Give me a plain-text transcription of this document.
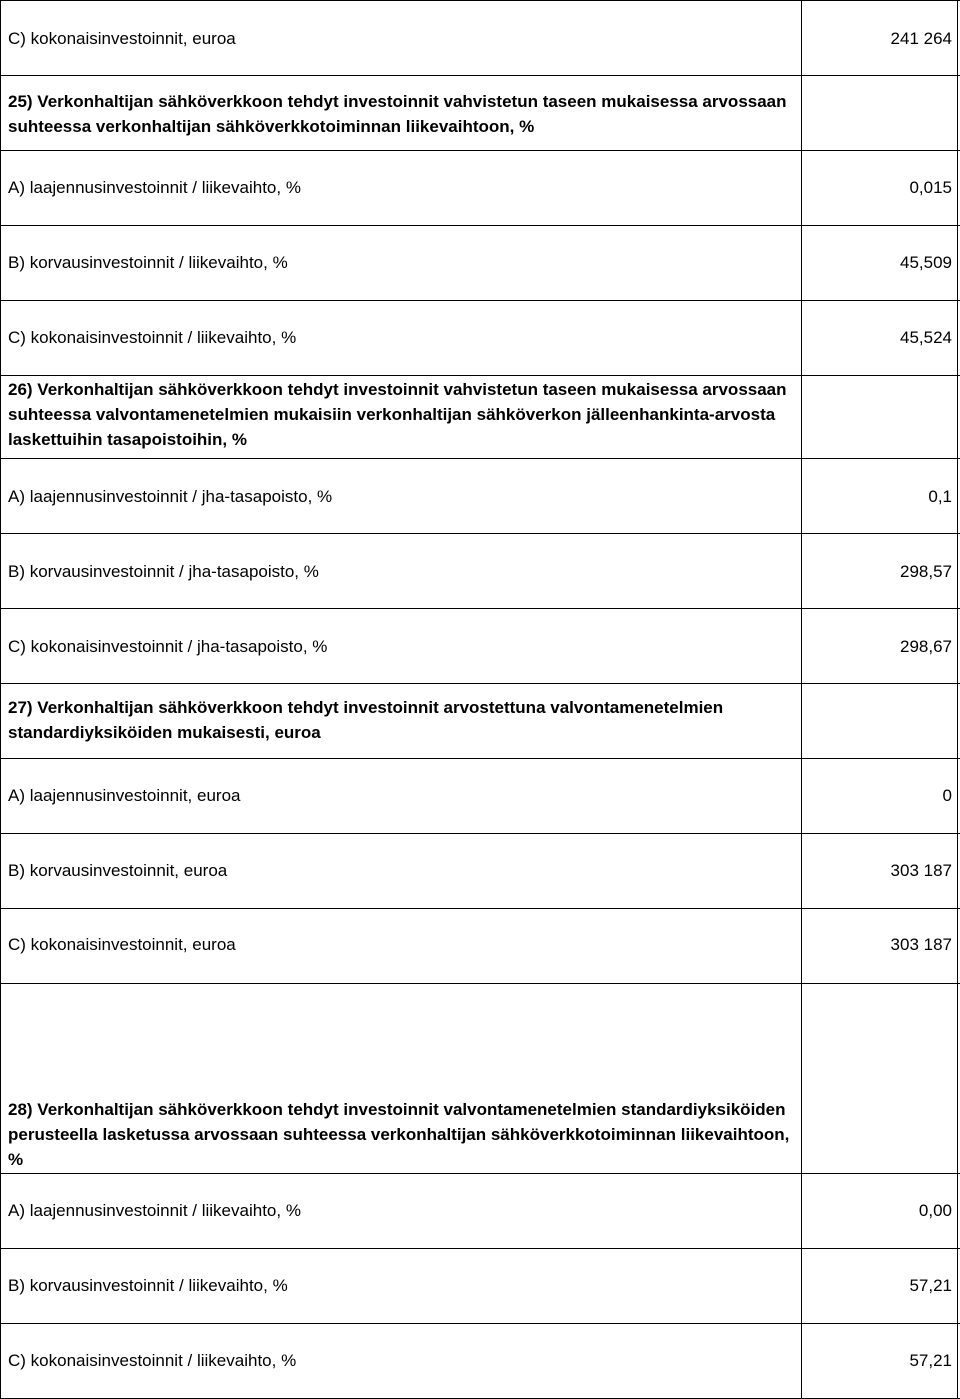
C) kokonaisinvestoinnit, euroa	241 264
25) Verkonhaltijan sähköverkkoon tehdyt investoinnit vahvistetun taseen mukaisessa arvossaan suhteessa verkonhaltijan sähköverkkotoiminnan liikevaihtoon, %
A) laajennusinvestoinnit / liikevaihto, %	0,015
B) korvausinvestoinnit / liikevaihto, %	45,509
C) kokonaisinvestoinnit / liikevaihto, %	45,524
26) Verkonhaltijan sähköverkkoon tehdyt investoinnit vahvistetun taseen mukaisessa arvossaan suhteessa valvontamenetelmien mukaisiin verkonhaltijan sähköverkon jälleenhankinta-arvosta laskettuihin tasapoistoihin, %
A) laajennusinvestoinnit / jha-tasapoisto, %	0,1
B) korvausinvestoinnit / jha-tasapoisto, %	298,57
C) kokonaisinvestoinnit / jha-tasapoisto, %	298,67
27) Verkonhaltijan sähköverkkoon tehdyt investoinnit arvostettuna valvontamenetelmien standardiyksiköiden mukaisesti, euroa
A) laajennusinvestoinnit, euroa	0
B) korvausinvestoinnit, euroa	303 187
C) kokonaisinvestoinnit, euroa	303 187
28) Verkonhaltijan sähköverkkoon tehdyt investoinnit valvontamenetelmien standardiyksiköiden perusteella lasketussa arvossaan suhteessa verkonhaltijan sähköverkkotoiminnan liikevaihtoon, %
A) laajennusinvestoinnit / liikevaihto, %	0,00
B) korvausinvestoinnit / liikevaihto, %	57,21
C) kokonaisinvestoinnit / liikevaihto, %	57,21
